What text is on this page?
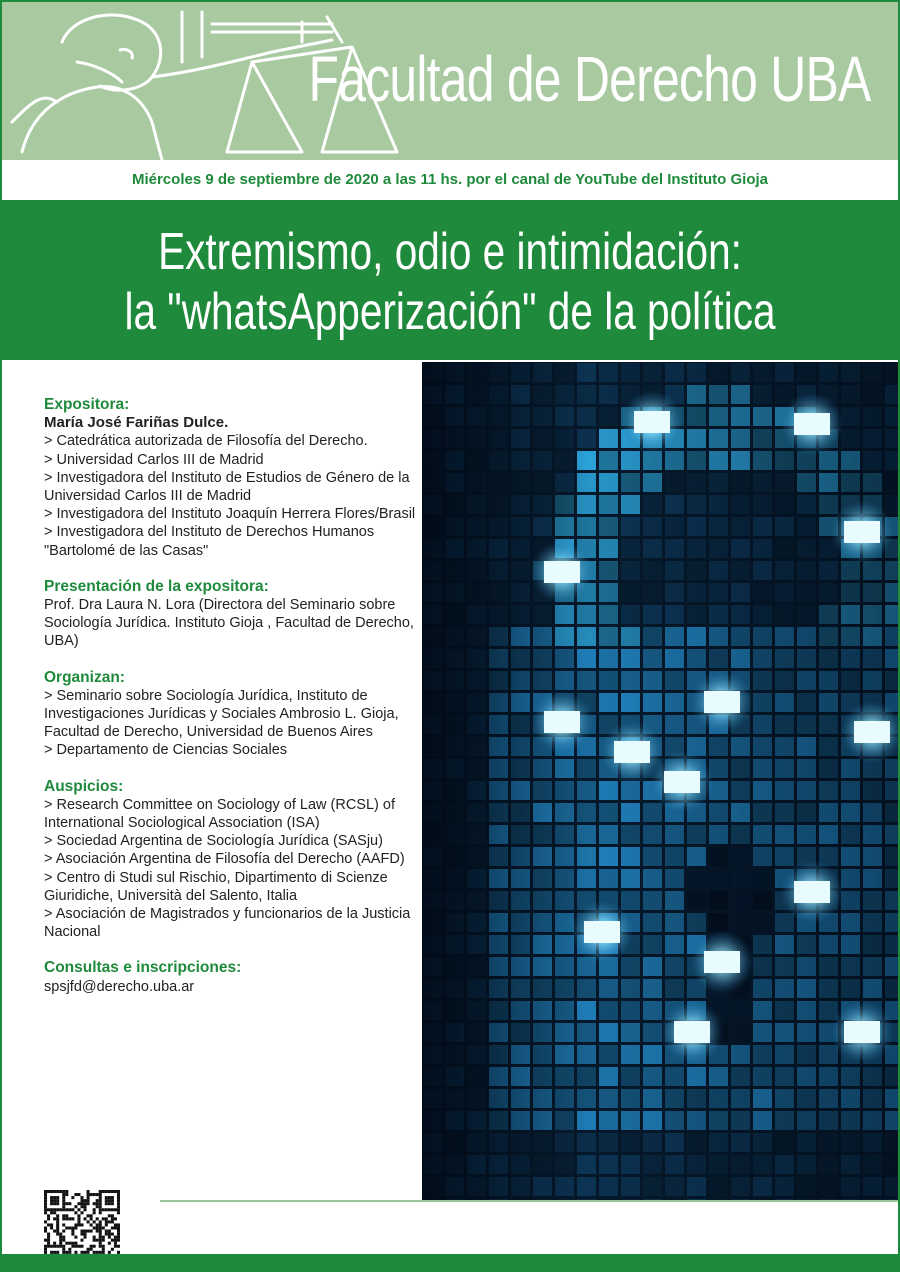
Facultad de Derecho UBA
Miércoles 9 de septiembre de 2020 a las 11 hs. por el canal de YouTube del Instituto Gioja
Extremismo, odio e intimidación:
la "whatsApperización" de la política
Expositora:
María José Fariñas Dulce.
> Catedrática autorizada de Filosofía del Derecho.
> Universidad Carlos III de Madrid
> Investigadora del Instituto de Estudios de Género de la Universidad Carlos III de Madrid
> Investigadora del Instituto Joaquín Herrera Flores/Brasil
> Investigadora del Instituto de Derechos Humanos "Bartolomé de las Casas"
Presentación de la expositora:
Prof. Dra Laura N. Lora (Directora del Seminario sobre Sociología Jurídica. Instituto Gioja , Facultad de Derecho, UBA)
Organizan:
> Seminario sobre Sociología Jurídica, Instituto de Investigaciones Jurídicas y Sociales Ambrosio L. Gioja, Facultad de Derecho, Universidad de Buenos Aires
> Departamento de Ciencias Sociales
Auspicios:
> Research Committee on Sociology of Law (RCSL) of International Sociological Association (ISA)
> Sociedad Argentina de Sociología Jurídica (SASju)
> Asociación Argentina de Filosofía del Derecho (AAFD)
> Centro di Studi sul Rischio, Dipartimento di Scienze Giuridiche, Università del Salento, Italia
> Asociación de Magistrados y funcionarios de la Justicia Nacional
Consultas e inscripciones:
spsjfd@derecho.uba.ar
